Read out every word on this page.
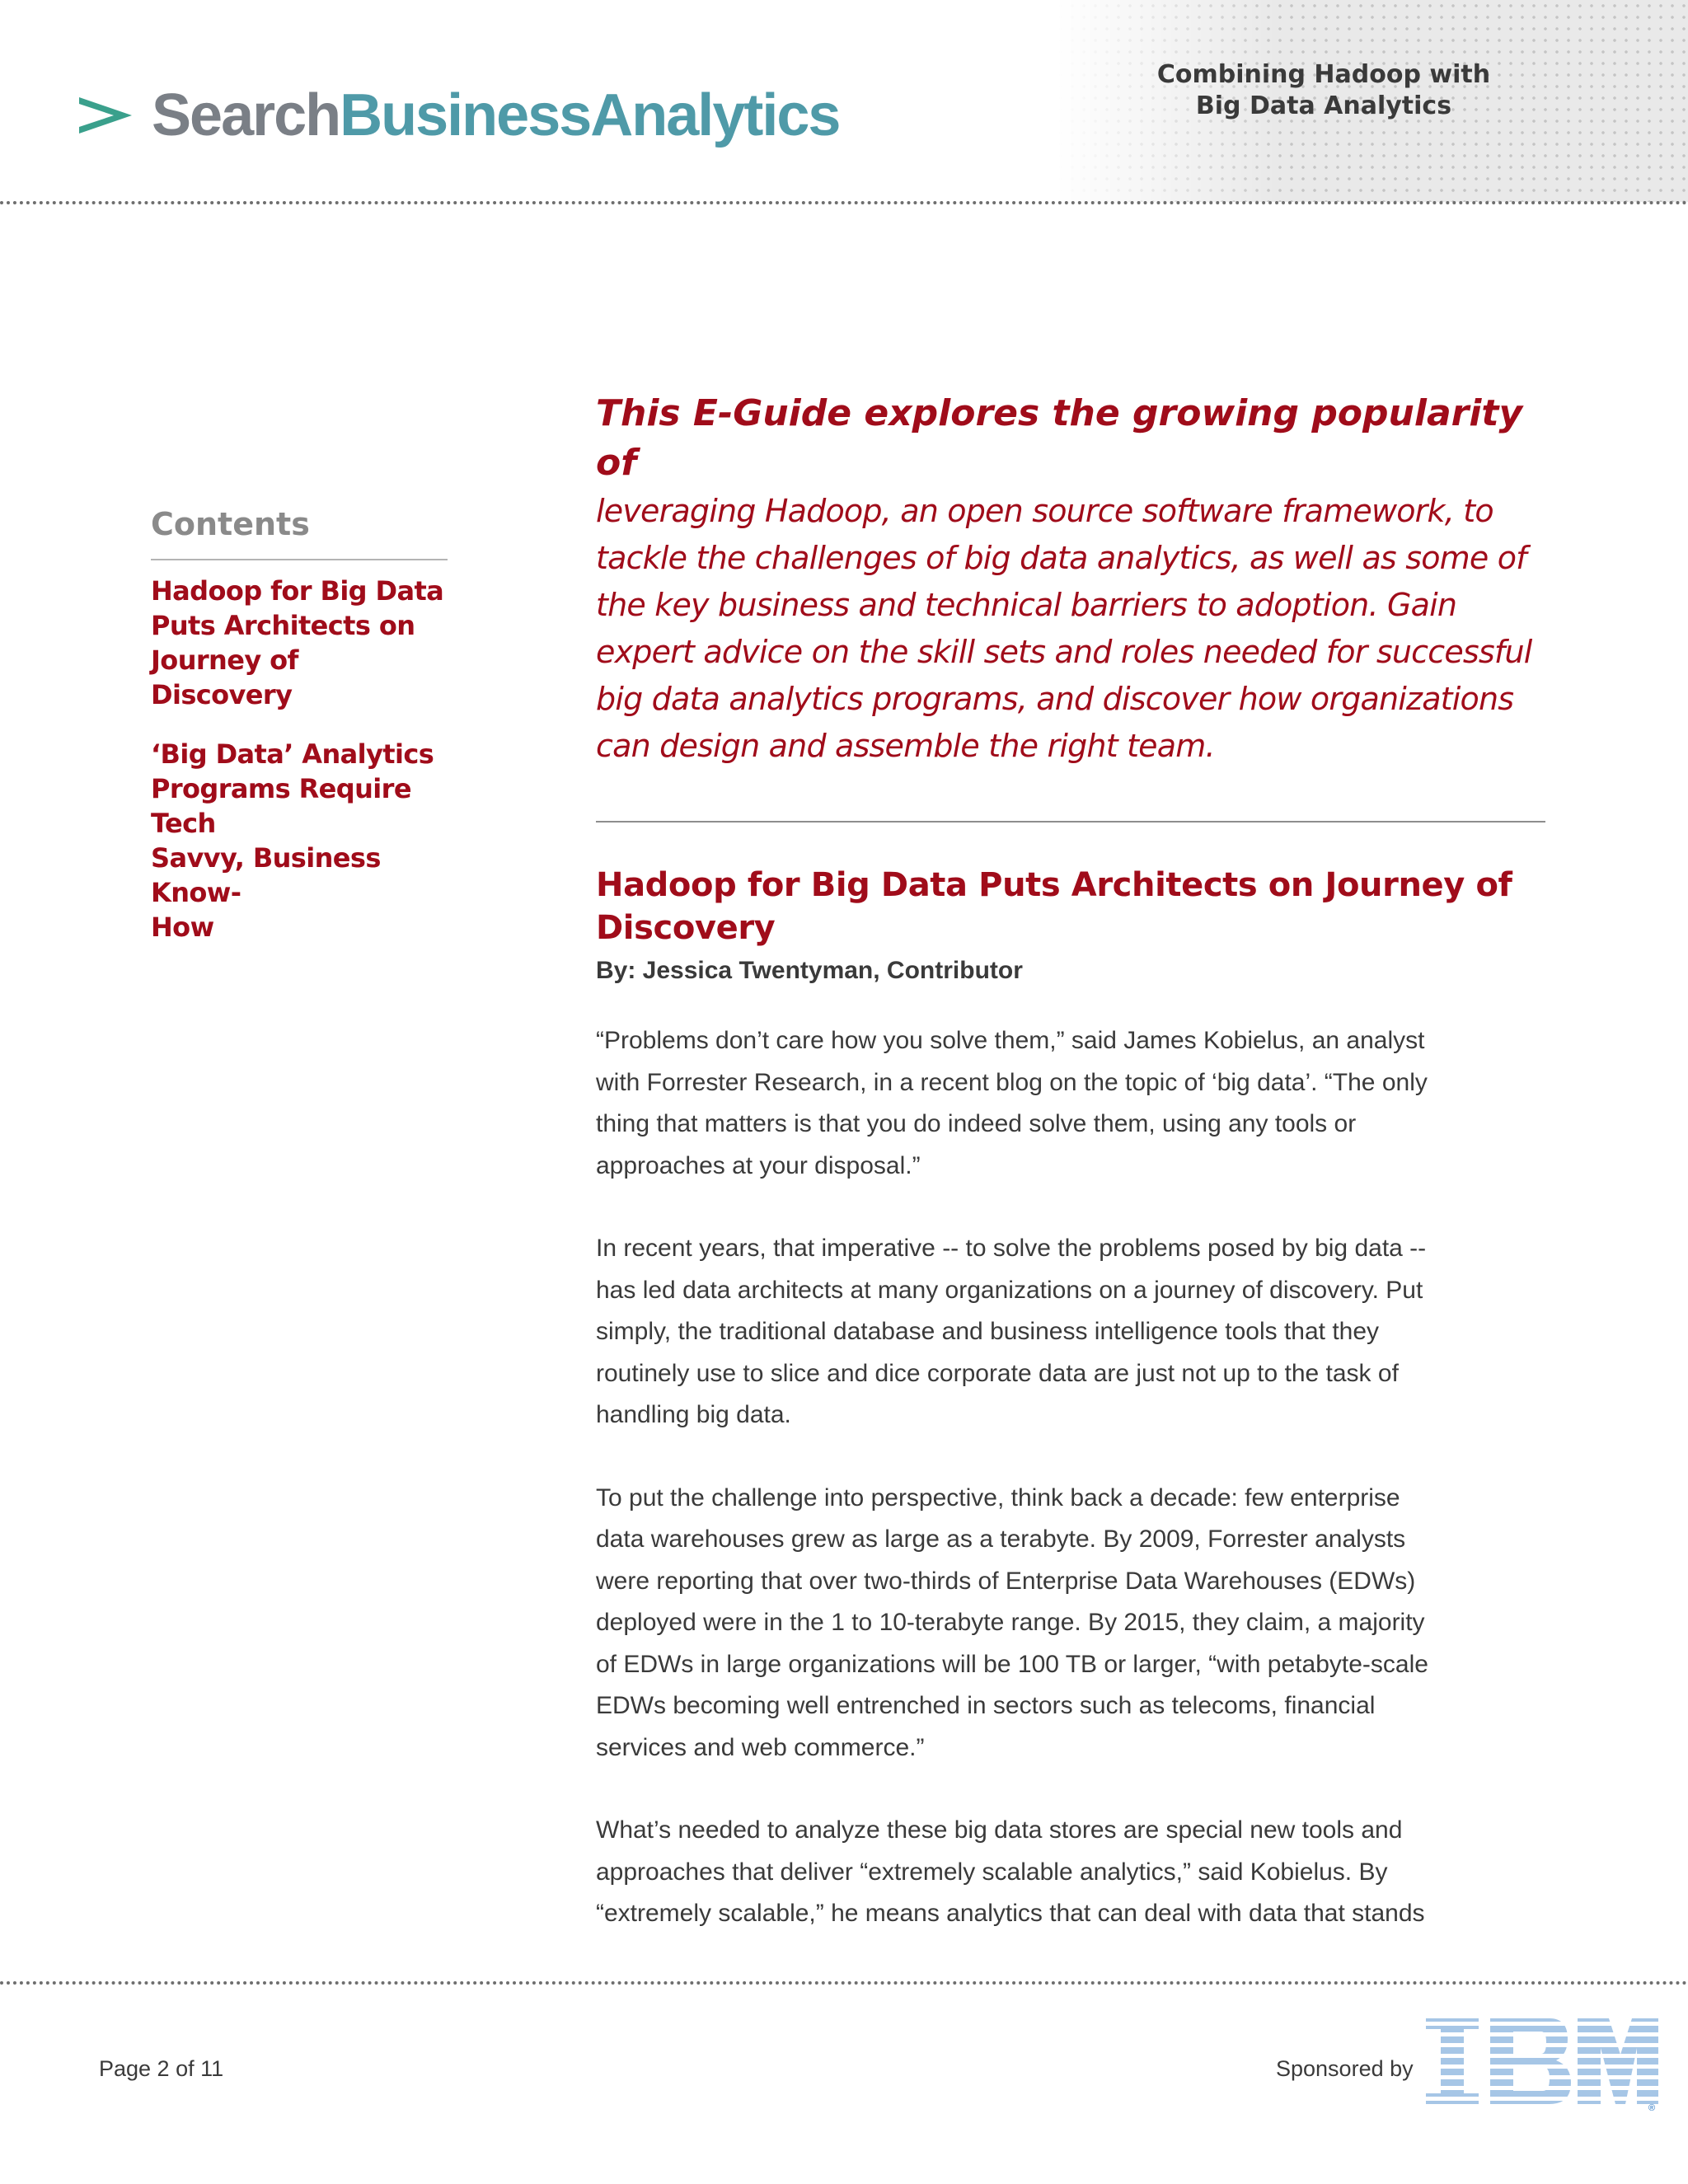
SearchBusinessAnalytics
Combining Hadoop with
Big Data Analytics
Contents
Hadoop for Big Data
Puts Architects on
Journey of Discovery
‘Big Data’ Analytics
Programs Require Tech
Savvy, Business Know-
How

This E-Guide explores the growing popularity of
leveraging Hadoop, an open source software framework, to
tackle the challenges of big data analytics, as well as some of
the key business and technical barriers to adoption. Gain
expert advice on the skill sets and roles needed for successful
big data analytics programs, and discover how organizations
can design and assemble the right team.

Hadoop for Big Data Puts Architects on Journey of
Discovery

By: Jessica Twentyman, Contributor

“Problems don’t care how you solve them,” said James Kobielus, an analyst
with Forrester Research, in a recent blog on the topic of ‘big data’. “The only
thing that matters is that you do indeed solve them, using any tools or
approaches at your disposal.”

In recent years, that imperative -- to solve the problems posed by big data --
has led data architects at many organizations on a journey of discovery. Put
simply, the traditional database and business intelligence tools that they
routinely use to slice and dice corporate data are just not up to the task of
handling big data.

To put the challenge into perspective, think back a decade: few enterprise
data warehouses grew as large as a terabyte. By 2009, Forrester analysts
were reporting that over two-thirds of Enterprise Data Warehouses (EDWs)
deployed were in the 1 to 10-terabyte range. By 2015, they claim, a majority
of EDWs in large organizations will be 100 TB or larger, “with petabyte-scale
EDWs becoming well entrenched in sectors such as telecoms, financial
services and web commerce.”

What’s needed to analyze these big data stores are special new tools and
approaches that deliver “extremely scalable analytics,” said Kobielus. By
“extremely scalable,” he means analytics that can deal with data that stands

Page 2 of 11	Sponsored by
®
